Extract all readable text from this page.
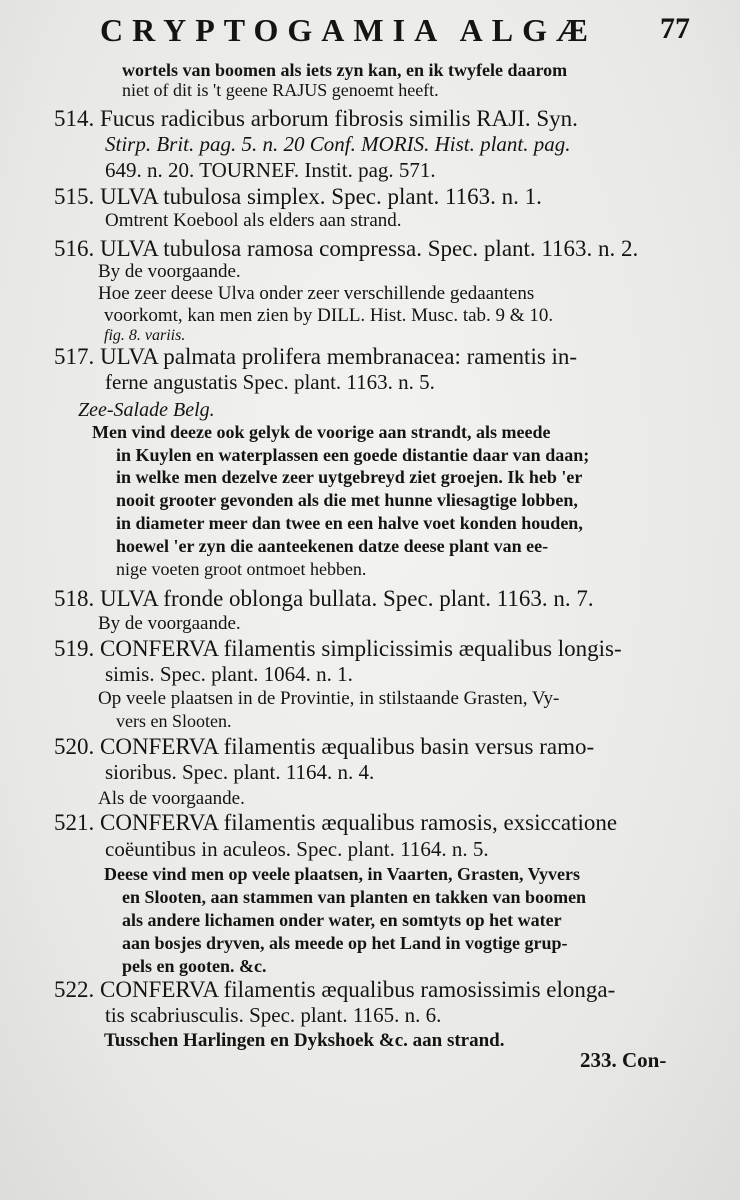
CRYPTOGAMIA ALGÆ 77
wortels van boomen als iets zyn kan, en ik twyfele daarom
niet of dit is 't geene RAJUS genoemt heeft.
514. Fucus radicibus arborum fibrosis similis RAJI. Syn.
Stirp. Brit. pag. 5. n. 20 Conf. MORIS. Hist. plant. pag.
649. n. 20. TOURNEF. Instit. pag. 571.
515. ULVA tubulosa simplex. Spec. plant. 1163. n. 1.
Omtrent Koebool als elders aan strand.
516. ULVA tubulosa ramosa compressa. Spec. plant. 1163. n. 2.
By de voorgaande.
Hoe zeer deese Ulva onder zeer verschillende gedaantens
voorkomt, kan men zien by DILL. Hist. Musc. tab. 9 & 10.
fig. 8. variis.
517. ULVA palmata prolifera membranacea: ramentis in-
ferne angustatis Spec. plant. 1163. n. 5.
Zee-Salade Belg.
Men vind deeze ook gelyk de voorige aan strandt, als meede
in Kuylen en waterplassen een goede distantie daar van daan;
in welke men dezelve zeer uytgebreyd ziet groejen. Ik heb 'er
nooit grooter gevonden als die met hunne vliesagtige lobben,
in diameter meer dan twee en een halve voet konden houden,
hoewel 'er zyn die aanteekenen datze deese plant van ee-
nige voeten groot ontmoet hebben.
518. ULVA fronde oblonga bullata. Spec. plant. 1163. n. 7.
By de voorgaande.
519. CONFERVA filamentis simplicissimis æqualibus longis-
simis. Spec. plant. 1064. n. 1.
Op veele plaatsen in de Provintie, in stilstaande Grasten, Vy-
vers en Slooten.
520. CONFERVA filamentis æqualibus basin versus ramo-
sioribus. Spec. plant. 1164. n. 4.
Als de voorgaande.
521. CONFERVA filamentis æqualibus ramosis, exsiccatione
coëuntibus in aculeos. Spec. plant. 1164. n. 5.
Deese vind men op veele plaatsen, in Vaarten, Grasten, Vyvers
en Slooten, aan stammen van planten en takken van boomen
als andere lichamen onder water, en somtyts op het water
aan bosjes dryven, als meede op het Land in vogtige grup-
pels en gooten. &c.
522. CONFERVA filamentis æqualibus ramosissimis elonga-
tis scabriusculis. Spec. plant. 1165. n. 6.
Tusschen Harlingen en Dykshoek &c. aan strand.
233. Con-
